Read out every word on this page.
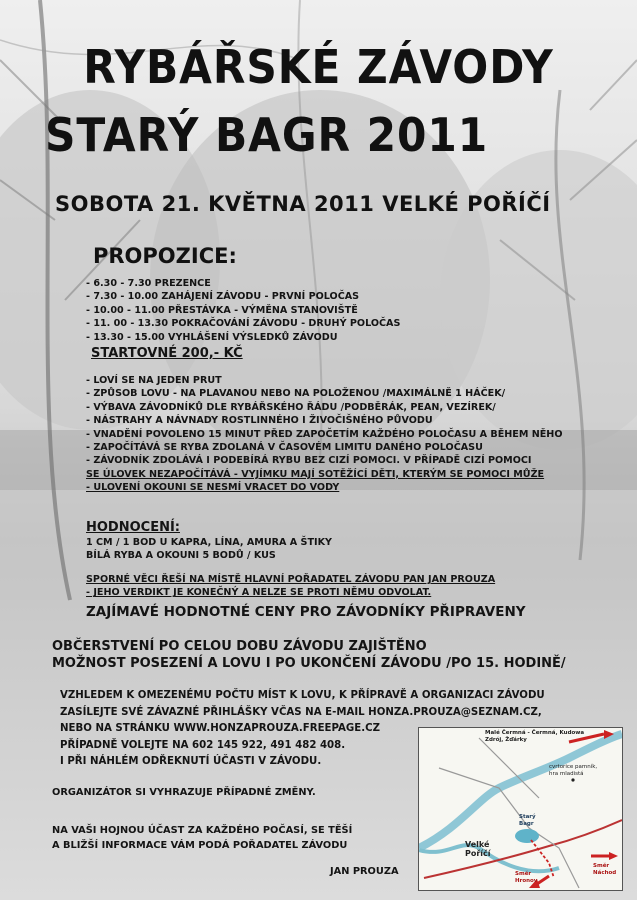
RYBÁŘSKÉ ZÁVODY
STARÝ BAGR 2011
SOBOTA 21. KVĚTNA 2011 VELKÉ POŘÍČÍ
PROPOZICE:
- 6.30 - 7.30 PREZENCE
- 7.30 - 10.00 ZAHÁJENÍ ZÁVODU - PRVNÍ POLOČAS
- 10.00 - 11.00 PŘESTÁVKA - VÝMĚNA STANOVIŠTĚ
- 11. 00 - 13.30 POKRAČOVÁNÍ ZÁVODU - DRUHÝ POLOČAS
- 13.30 - 15.00 VYHLÁŠENÍ VÝSLEDKŮ ZÁVODU
STARTOVNÉ 200,- KČ
- LOVÍ SE NA JEDEN PRUT
- ZPŮSOB LOVU - NA PLAVANOU NEBO NA POLOŽENOU /MAXIMÁLNĚ 1 HÁČEK/
- VÝBAVA ZÁVODNÍKŮ DLE RYBÁŘSKÉHO ŘÁDU /PODBĚRÁK, PEAN, VEZÍREK/
- NÁSTRAHY A NÁVNADY ROSTLINNÉHO I ŽIVOČIŠNÉHO PŮVODU
- VNADĚNÍ POVOLENO 15 MINUT PŘED ZAPOČETÍM KAŽDÉHO POLOČASU A BĚHEM NĚHO
- ZAPOČÍTÁVÁ SE RYBA ZDOLANÁ V ČASOVÉM LIMITU DANÉHO POLOČASU
- ZÁVODNÍK ZDOLÁVÁ I PODEBÍRÁ RYBU BEZ CIZÍ POMOCI. V PŘÍPADĚ CIZÍ POMOCI
SE ÚLOVEK NEZAPOČÍTÁVÁ - VYJÍMKU MAJÍ SOTĚŽÍCÍ DĚTI, KTERÝM SE POMOCI MŮŽE
- ULOVENÍ OKOUNI SE NESMÍ VRACET DO VODY
HODNOCENÍ:
1 CM / 1 BOD U KAPRA, LÍNA, AMURA A ŠTIKY
BÍLÁ RYBA A OKOUNI 5 BODŮ / KUS
SPORNÉ VĚCI ŘEŠÍ NA MÍSTĚ HLAVNÍ POŘADATEL ZÁVODU PAN JAN PROUZA
- JEHO VERDIKT JE KONEČNÝ A NELZE SE PROTI NĚMU ODVOLAT.
ZAJÍMAVÉ HODNOTNÉ CENY PRO ZÁVODNÍKY PŘIPRAVENY
OBČERSTVENÍ PO CELOU DOBU ZÁVODU ZAJIŠTĚNO
MOŽNOST POSEZENÍ A LOVU I PO UKONČENÍ ZÁVODU /PO 15. HODINĚ/
VZHLEDEM K OMEZENÉMU POČTU MÍST K LOVU, K PŘÍPRAVĚ A ORGANIZACI ZÁVODU
ZASÍLEJTE SVÉ ZÁVAZNÉ PŘIHLÁŠKY VČAS NA E-MAIL HONZA.PROUZA@SEZNAM.CZ,
NEBO NA STRÁNKU WWW.HONZAPROUZA.FREEPAGE.CZ
PŘÍPADNĚ VOLEJTE NA 602 145 922, 491 482 408.
I PŘI NÁHLÉM ODŘEKNUTÍ ÚČASTI V ZÁVODU.
ORGANIZÁTOR SI VYHRAZUJE PŘÍPADNÉ ZMĚNY.
NA VAŠI HOJNOU ÚČAST ZA KAŽDÉHO POČASÍ, SE TĚŠÍ
A BLIŽŠÍ INFORMACE VÁM PODÁ POŘADATEL ZÁVODU
JAN PROUZA
Malé Čermná - Čermná, Kudowa Zdrój, Žďárky
cvrtorice pamník, hra mladistá
Velké Poříčí
Starý Bagr
Směr Hronov
Směr Náchod
